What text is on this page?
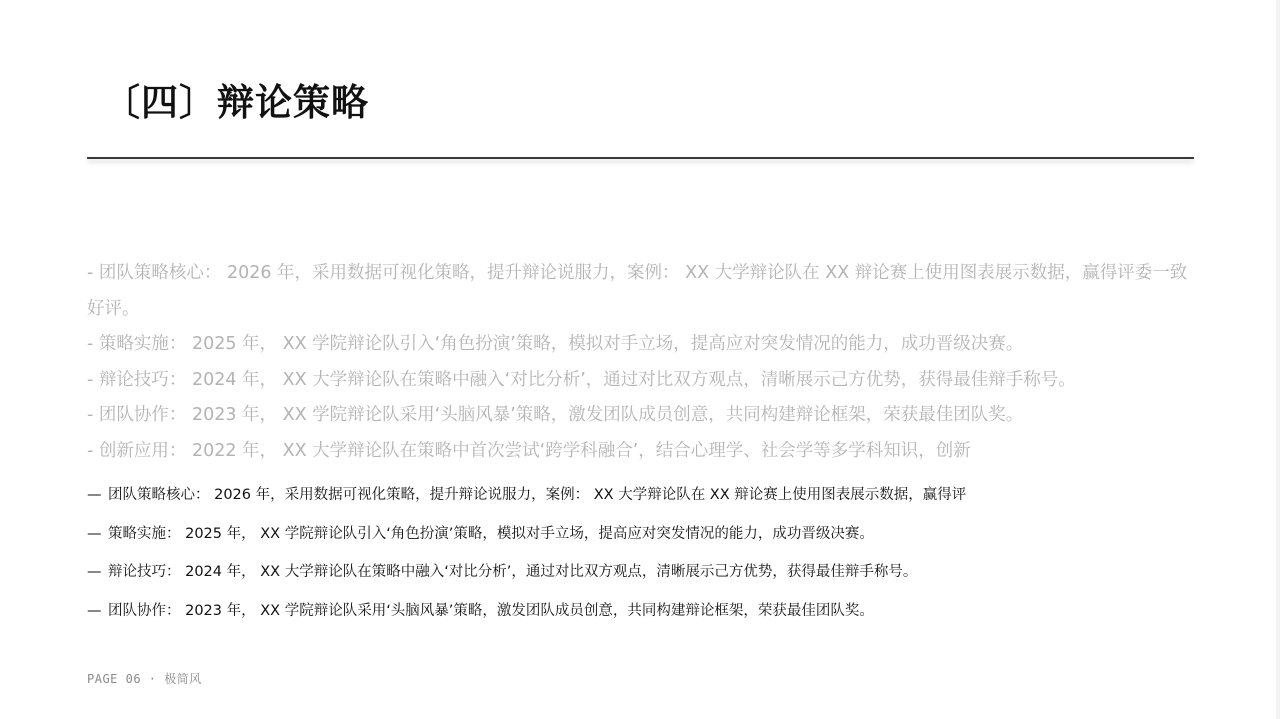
〔四〕辩论策略
- 团队策略核心： 2026 年，采用数据可视化策略，提升辩论说服力，案例： XX 大学辩论队在 XX 辩论赛上使用图表展示数据，赢得评委一致好评。
- 策略实施： 2025 年， XX 学院辩论队引入‘角色扮演’策略，模拟对手立场，提高应对突发情况的能力，成功晋级决赛。
- 辩论技巧： 2024 年， XX 大学辩论队在策略中融入‘对比分析’，通过对比双方观点，清晰展示己方优势，获得最佳辩手称号。
- 团队协作： 2023 年， XX 学院辩论队采用‘头脑风暴’策略，激发团队成员创意，共同构建辩论框架，荣获最佳团队奖。
- 创新应用： 2022 年， XX 大学辩论队在策略中首次尝试‘跨学科融合’，结合心理学、社会学等多学科知识，创新
— 团队策略核心： 2026 年，采用数据可视化策略，提升辩论说服力，案例： XX 大学辩论队在 XX 辩论赛上使用图表展示数据，赢得评
— 策略实施： 2025 年， XX 学院辩论队引入‘角色扮演’策略，模拟对手立场，提高应对突发情况的能力，成功晋级决赛。
— 辩论技巧： 2024 年， XX 大学辩论队在策略中融入‘对比分析’，通过对比双方观点，清晰展示己方优势，获得最佳辩手称号。
— 团队协作： 2023 年， XX 学院辩论队采用‘头脑风暴’策略，激发团队成员创意，共同构建辩论框架，荣获最佳团队奖。
PAGE 06 · 极简风
